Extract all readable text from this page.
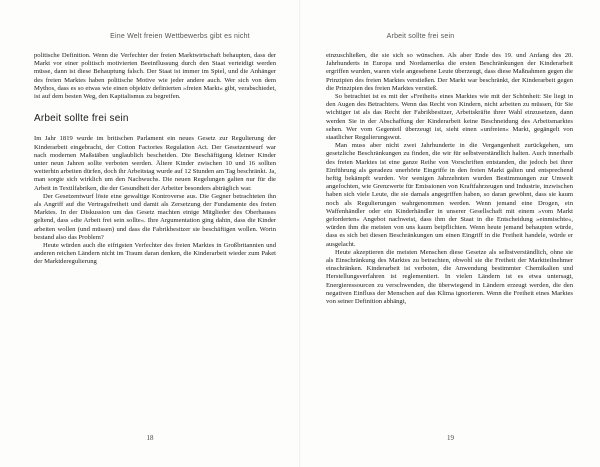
Eine Welt freien Wettbewerbs gibt es nicht

politische Definition. Wenn die Verfechter der freien Marktwirtschaft behaupten, dass der Markt vor einer politisch motivierten Beeinflussung durch den Staat verteidigt werden müsse, dann ist diese Behauptung falsch. Der Staat ist immer im Spiel, und die Anhänger des freien Marktes haben politische Motive wie jeder andere auch. Wer sich von dem Mythos, dass es so etwas wie einen objektiv definierten »freien Markt« gibt, verabschiedet, ist auf dem besten Weg, den Kapitalismus zu begreifen.

Arbeit sollte frei sein

Im Jahr 1819 wurde im britischen Parlament ein neues Gesetz zur Regulierung der Kinderarbeit eingebracht, der Cotton Factories Regulation Act. Der Gesetzentwurf war nach modernen Maßstäben unglaublich bescheiden. Die Beschäftigung kleiner Kinder unter neun Jahren sollte verboten werden. Ältere Kinder zwischen 10 und 16 sollten weiterhin arbeiten dürfen, doch ihr Arbeitstag wurde auf 12 Stunden am Tag beschränkt. Ja, man sorgte sich wirklich um den Nachwuchs. Die neuen Regelungen galten nur für die Arbeit in Textilfabriken, die der Gesundheit der Arbeiter besonders abträglich war.

Der Gesetzentwurf löste eine gewaltige Kontroverse aus. Die Gegner betrachteten ihn als Angriff auf die Vertragsfreiheit und damit als Zersetzung der Fundamente des freien Marktes. In der Diskussion um das Gesetz machten einige Mitglieder des Oberhauses geltend, dass »die Arbeit frei sein sollte«. Ihre Argumentation ging dahin, dass die Kinder arbeiten wollen (und müssen) und dass die Fabrikbesitzer sie beschäftigen wollen. Worin bestand also das Problem?

Heute würden auch die eifrigsten Verfechter des freien Marktes in Großbritannien und anderen reichen Ländern nicht im Traum daran denken, die Kinderarbeit wieder zum Paket der Marktderegulierung

18
Arbeit sollte frei sein

einzuschließen, die sie sich so wünschen. Als aber Ende des 19. und Anfang des 20. Jahrhunderts in Europa und Nordamerika die ersten Beschränkungen der Kinderarbeit ergriffen wurden, waren viele angesehene Leute überzeugt, dass diese Maßnahmen gegen die Prinzipien des freien Marktes verstießen. Der Markt war beschränkt, der Kinderarbeit gegen die Prinzipien des freien Marktes verstieß.

So betrachtet ist es mit der »Freiheit« eines Marktes wie mit der Schönheit: Sie liegt in den Augen des Betrachters. Wenn das Recht von Kindern, nicht arbeiten zu müssen, für Sie wichtiger ist als das Recht der Fabrikbesitzer, Arbeitskräfte ihrer Wahl einzusetzen, dann werden Sie in der Abschaffung der Kinderarbeit keine Beschneidung des Arbeitsmarktes sehen. Wer vom Gegenteil überzeugt ist, sieht einen »unfreien« Markt, gegängelt von staatlicher Regulierungswut.

Man muss aber nicht zwei Jahrhunderte in die Vergangenheit zurückgehen, um gesetzliche Beschränkungen zu finden, die wir für selbstverständlich halten. Auch innerhalb des freien Marktes ist eine ganze Reihe von Vorschriften entstanden, die jedoch bei ihrer Einführung als geradezu unerhörte Eingriffe in den freien Markt galten und entsprechend heftig bekämpft wurden. Vor wenigen Jahrzehnten wurden Bestimmungen zur Umwelt angefochten, wie Grenzwerte für Emissionen von Kraftfahrzeugen und Industrie, inzwischen haben sich viele Leute, die sie damals angegriffen haben, so daran gewöhnt, dass sie kaum noch als Regulierungen wahrgenommen werden. Wenn jemand eine Drogen, ein Waffenhändler oder ein Kinderhändler in unserer Gesellschaft mit einem »vom Markt geforderten« Angebot nachweist, dass ihm der Staat in die Entscheidung »einmischte«, würden ihm die meisten von uns kaum beipflichten. Wenn heute jemand behaupten würde, dass es sich bei diesen Beschränkungen um einen Eingriff in die Freiheit handele, würde er ausgelacht.

Heute akzeptieren die meisten Menschen diese Gesetze als selbstverständlich, ohne sie als Einschränkung des Marktes zu betrachten, obwohl sie die Freiheit der Marktteilnehmer einschränken. Kinderarbeit ist verboten, die Anwendung bestimmter Chemikalien und Herstellungsverfahren ist reglementiert. In vielen Ländern ist es etwa untersagt, Energieressourcen zu verschwenden, die überwiegend in Ländern erzeugt werden, die den negativen Einfluss der Menschen auf das Klima ignorieren. Wenn die Freiheit eines Marktes von seiner Definition abhängt,

19
